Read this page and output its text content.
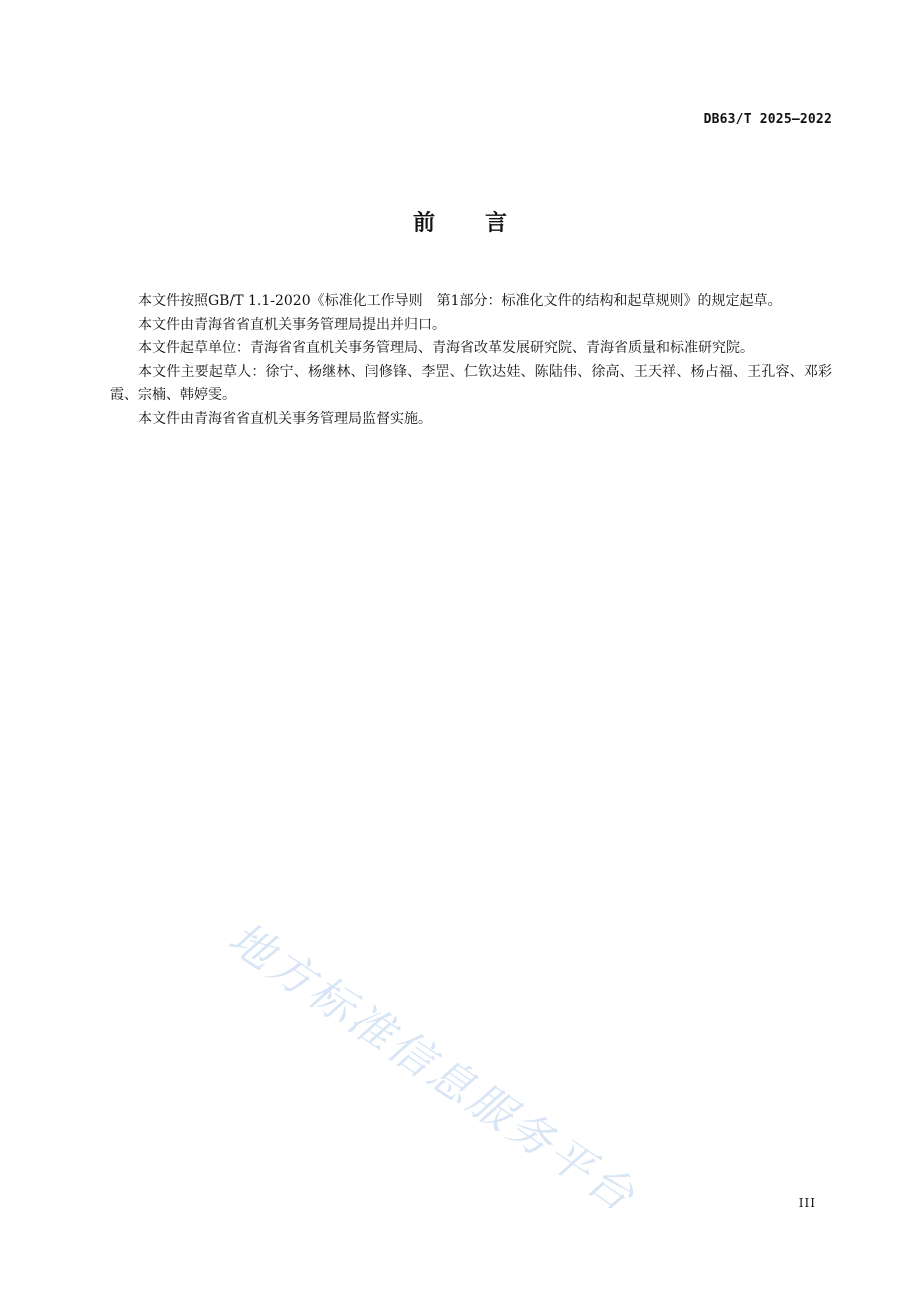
DB63/T 2025—2022
前言

本文件按照GB/T 1.1-2020《标准化工作导则　第1部分：标准化文件的结构和起草规则》的规定起草。

本文件由青海省省直机关事务管理局提出并归口。

本文件起草单位：青海省省直机关事务管理局、青海省改革发展研究院、青海省质量和标准研究院。

本文件主要起草人：徐宁、杨继林、闫修锋、李罡、仁钦达娃、陈陆伟、徐高、王天祥、杨占福、王孔容、邓彩霞、宗楠、韩婷雯。

本文件由青海省省直机关事务管理局监督实施。

地方标准信息服务平台	III
